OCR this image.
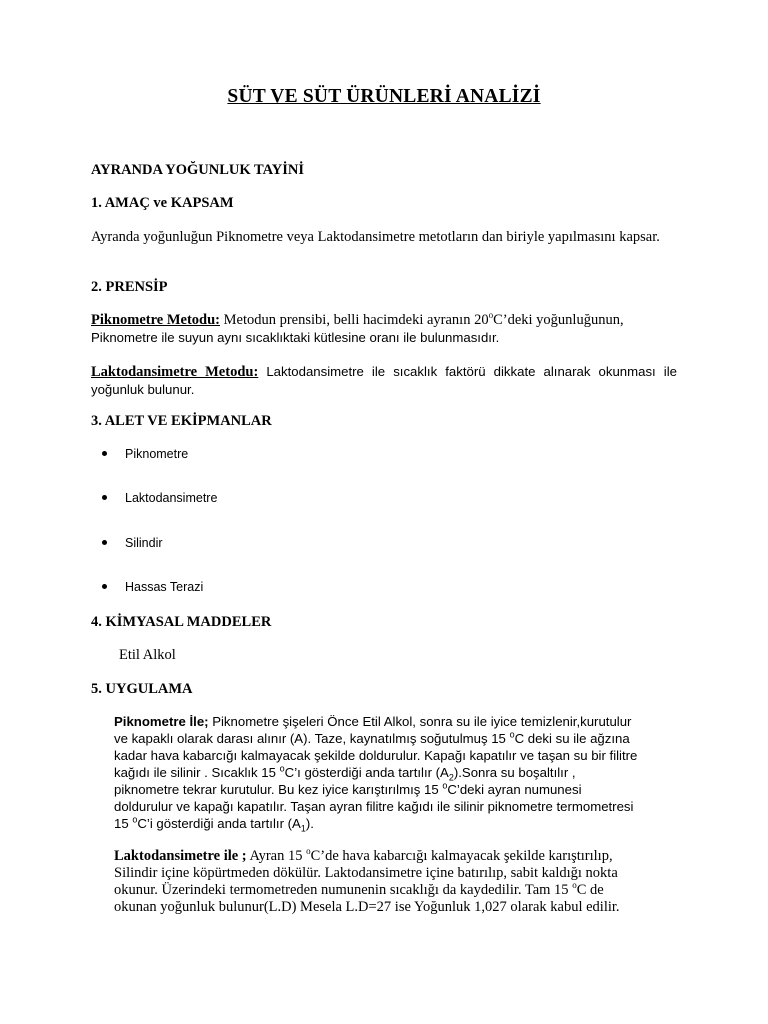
SÜT VE SÜT ÜRÜNLERİ ANALİZİ
AYRANDA YOĞUNLUK TAYİNİ
1. AMAÇ ve KAPSAM
Ayranda yoğunluğun Piknometre veya Laktodansimetre metotların dan biriyle yapılmasını kapsar.
2. PRENSİP
Piknometre Metodu: Metodun prensibi, belli hacimdeki ayranın 20$^o$C’deki yoğunluğunun,
Piknometre ile suyun aynı sıcaklıktaki kütlesine oranı ile bulunmasıdır.
Laktodansimetre Metodu: Laktodansimetre ile sıcaklık faktörü dikkate alınarak okunması ile yoğunluk bulunur.
3. ALET VE EKİPMANLAR
Piknometre
Laktodansimetre
Silindir
Hassas Terazi
4. KİMYASAL MADDELER
Etil Alkol
5. UYGULAMA
Piknometre İle; Piknometre şişeleri Önce Etil Alkol, sonra su ile iyice temizlenir,kurutulur
ve kapaklı olarak darası alınır (A). Taze, kaynatılmış soğutulmuş 15 $^o$C deki su ile ağzına
kadar hava kabarcığı kalmayacak şekilde doldurulur. Kapağı kapatılır ve taşan su bir filitre
kağıdı ile silinir . Sıcaklık 15 $^o$C’ı gösterdiği anda tartılır $(A_2).Sonra$ su boşaltılır ,
piknometre tekrar kurutulur. Bu kez iyice karıştırılmış 15 $^o$C’deki ayran numunesi
doldurulur ve kapağı kapatılır. Taşan ayran filitre kağıdı ile silinir piknometre termometresi
15 $^o$C’i gösterdiği anda tartılır $(A_1)$.
Laktodansimetre ile ; Ayran 15 $^o$C’de hava kabarcığı kalmayacak şekilde karıştırılıp,
Silindir içine köpürtmeden dökülür. Laktodansimetre içine batırılıp, sabit kaldığı nokta
okunur. Üzerindeki termometreden numunenin sıcaklığı da kaydedilir. Tam 15 $^o$C de
okunan yoğunluk bulunur(L.D) Mesela L.D=27 ise Yoğunluk 1,027 olarak kabul edilir.
